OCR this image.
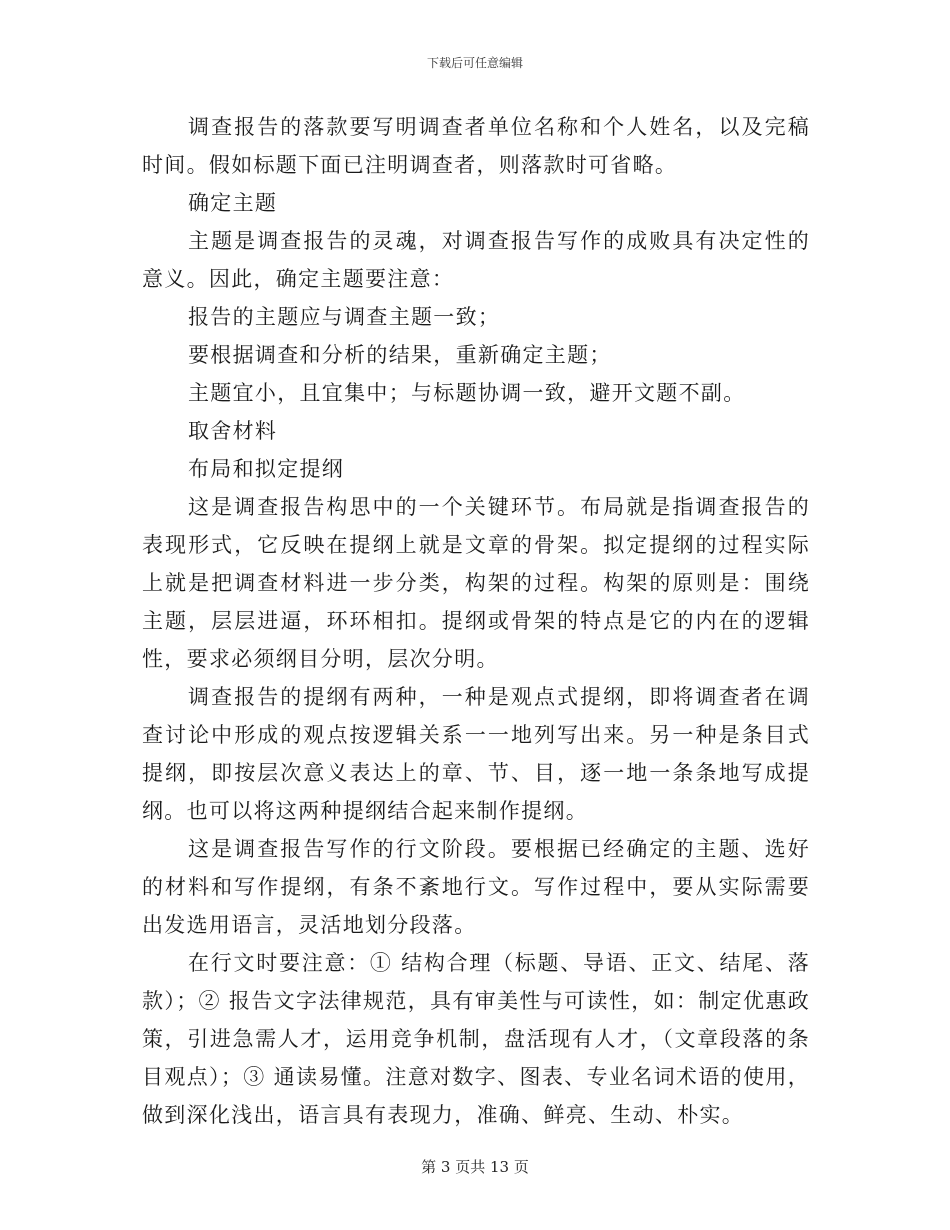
下载后可任意编辑

调查报告的落款要写明调查者单位名称和个人姓名，以及完稿时间。假如标题下面已注明调查者，则落款时可省略。

确定主题

主题是调查报告的灵魂，对调查报告写作的成败具有决定性的意义。因此，确定主题要注意：

报告的主题应与调查主题一致；

要根据调查和分析的结果，重新确定主题；

主题宜小，且宜集中；与标题协调一致，避开文题不副。

取舍材料

布局和拟定提纲

这是调查报告构思中的一个关键环节。布局就是指调查报告的表现形式，它反映在提纲上就是文章的骨架。拟定提纲的过程实际上就是把调查材料进一步分类，构架的过程。构架的原则是：围绕主题，层层进逼，环环相扣。提纲或骨架的特点是它的内在的逻辑性，要求必须纲目分明，层次分明。

调查报告的提纲有两种，一种是观点式提纲，即将调查者在调查讨论中形成的观点按逻辑关系一一地列写出来。另一种是条目式提纲，即按层次意义表达上的章、节、目，逐一地一条条地写成提纲。也可以将这两种提纲结合起来制作提纲。

这是调查报告写作的行文阶段。要根据已经确定的主题、选好的材料和写作提纲，有条不紊地行文。写作过程中，要从实际需要出发选用语言，灵活地划分段落。

在行文时要注意：① 结构合理（标题、导语、正文、结尾、落款）；② 报告文字法律规范，具有审美性与可读性，如：制定优惠政策，引进急需人才，运用竞争机制，盘活现有人才，（文章段落的条目观点）；③ 通读易懂。注意对数字、图表、专业名词术语的使用，做到深化浅出，语言具有表现力，准确、鲜亮、生动、朴实。

第 3 页共 13 页
